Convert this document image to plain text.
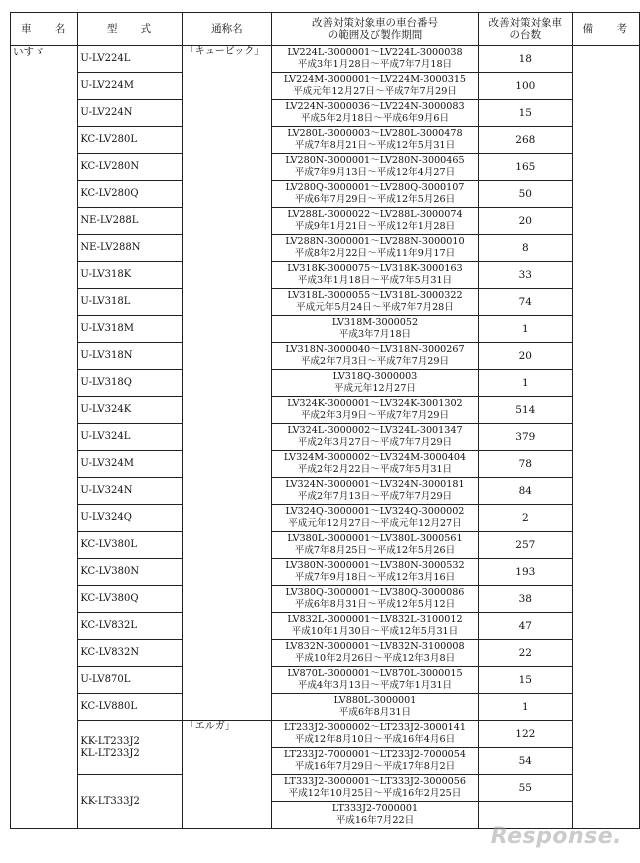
車 名	型 式	通称名	改善対策対象車の車台番号
の範囲及び製作期間	改善対策対象車
の台数	備 考
いすゞ	U-LV224L	「キュービック」	LV224L-3000001～LV224L-3000038
平成3年1月28日～平成7年7月18日	18	
	U-LV224M		LV224M-3000001～LV224M-3000315
平成元年12月27日～平成7年7月29日	100	
	U-LV224N		LV224N-3000036～LV224N-3000083
平成5年2月18日～平成6年9月6日	15	
	KC-LV280L		LV280L-3000003～LV280L-3000478
平成7年8月21日～平成12年5月31日	268	
	KC-LV280N		LV280N-3000001～LV280N-3000465
平成7年9月13日～平成12年4月27日	165	
	KC-LV280Q		LV280Q-3000001～LV280Q-3000107
平成6年7月29日～平成12年5月26日	50	
	NE-LV288L		LV288L-3000022～LV288L-3000074
平成9年1月21日～平成12年1月28日	20	
	NE-LV288N		LV288N-3000001～LV288N-3000010
平成8年2月22日～平成11年9月17日	8	
	U-LV318K		LV318K-3000075～LV318K-3000163
平成3年1月18日～平成7年5月31日	33	
	U-LV318L		LV318L-3000055～LV318L-3000322
平成元年5月24日～平成7年7月28日	74	
	U-LV318M		LV318M-3000052
平成3年7月18日	1	
	U-LV318N		LV318N-3000040～LV318N-3000267
平成2年7月3日～平成7年7月29日	20	
	U-LV318Q		LV318Q-3000003
平成元年12月27日	1	
	U-LV324K		LV324K-3000001～LV324K-3001302
平成2年3月9日～平成7年7月29日	514	
	U-LV324L		LV324L-3000002～LV324L-3001347
平成2年3月27日～平成7年7月29日	379	
	U-LV324M		LV324M-3000002～LV324M-3000404
平成2年2月22日～平成7年5月31日	78	
	U-LV324N		LV324N-3000001～LV324N-3000181
平成2年7月13日～平成7年7月29日	84	
	U-LV324Q		LV324Q-3000001～LV324Q-3000002
平成元年12月27日～平成元年12月27日	2	
	KC-LV380L		LV380L-3000001～LV380L-3000561
平成7年8月25日～平成12年5月26日	257	
	KC-LV380N		LV380N-3000001～LV380N-3000532
平成7年9月18日～平成12年3月16日	193	
	KC-LV380Q		LV380Q-3000001～LV380Q-3000086
平成6年8月31日～平成12年5月12日	38	
	KC-LV832L		LV832L-3000001～LV832L-3100012
平成10年1月30日～平成12年5月31日	47	
	KC-LV832N		LV832N-3000001～LV832N-3100008
平成10年2月26日～平成12年3月8日	22	
	U-LV870L		LV870L-3000001～LV870L-3000015
平成4年3月13日～平成7年1月31日	15	
	KC-LV880L		LV880L-3000001
平成6年8月31日	1	
	KK-LT233J2
KL-LT233J2	「エルガ」	LT233J2-3000002～LT233J2-3000141
平成12年8月10日～平成16年4月6日	122	

			LT233J2-7000001～LT233J2-7000054
平成16年7月29日～平成17年8月2日	54	
	KK-LT333J2		LT333J2-3000001～LT333J2-3000056
平成12年10月25日～平成16年2月25日	55	

			LT333J2-7000001
平成16年7月22日		

Response.
